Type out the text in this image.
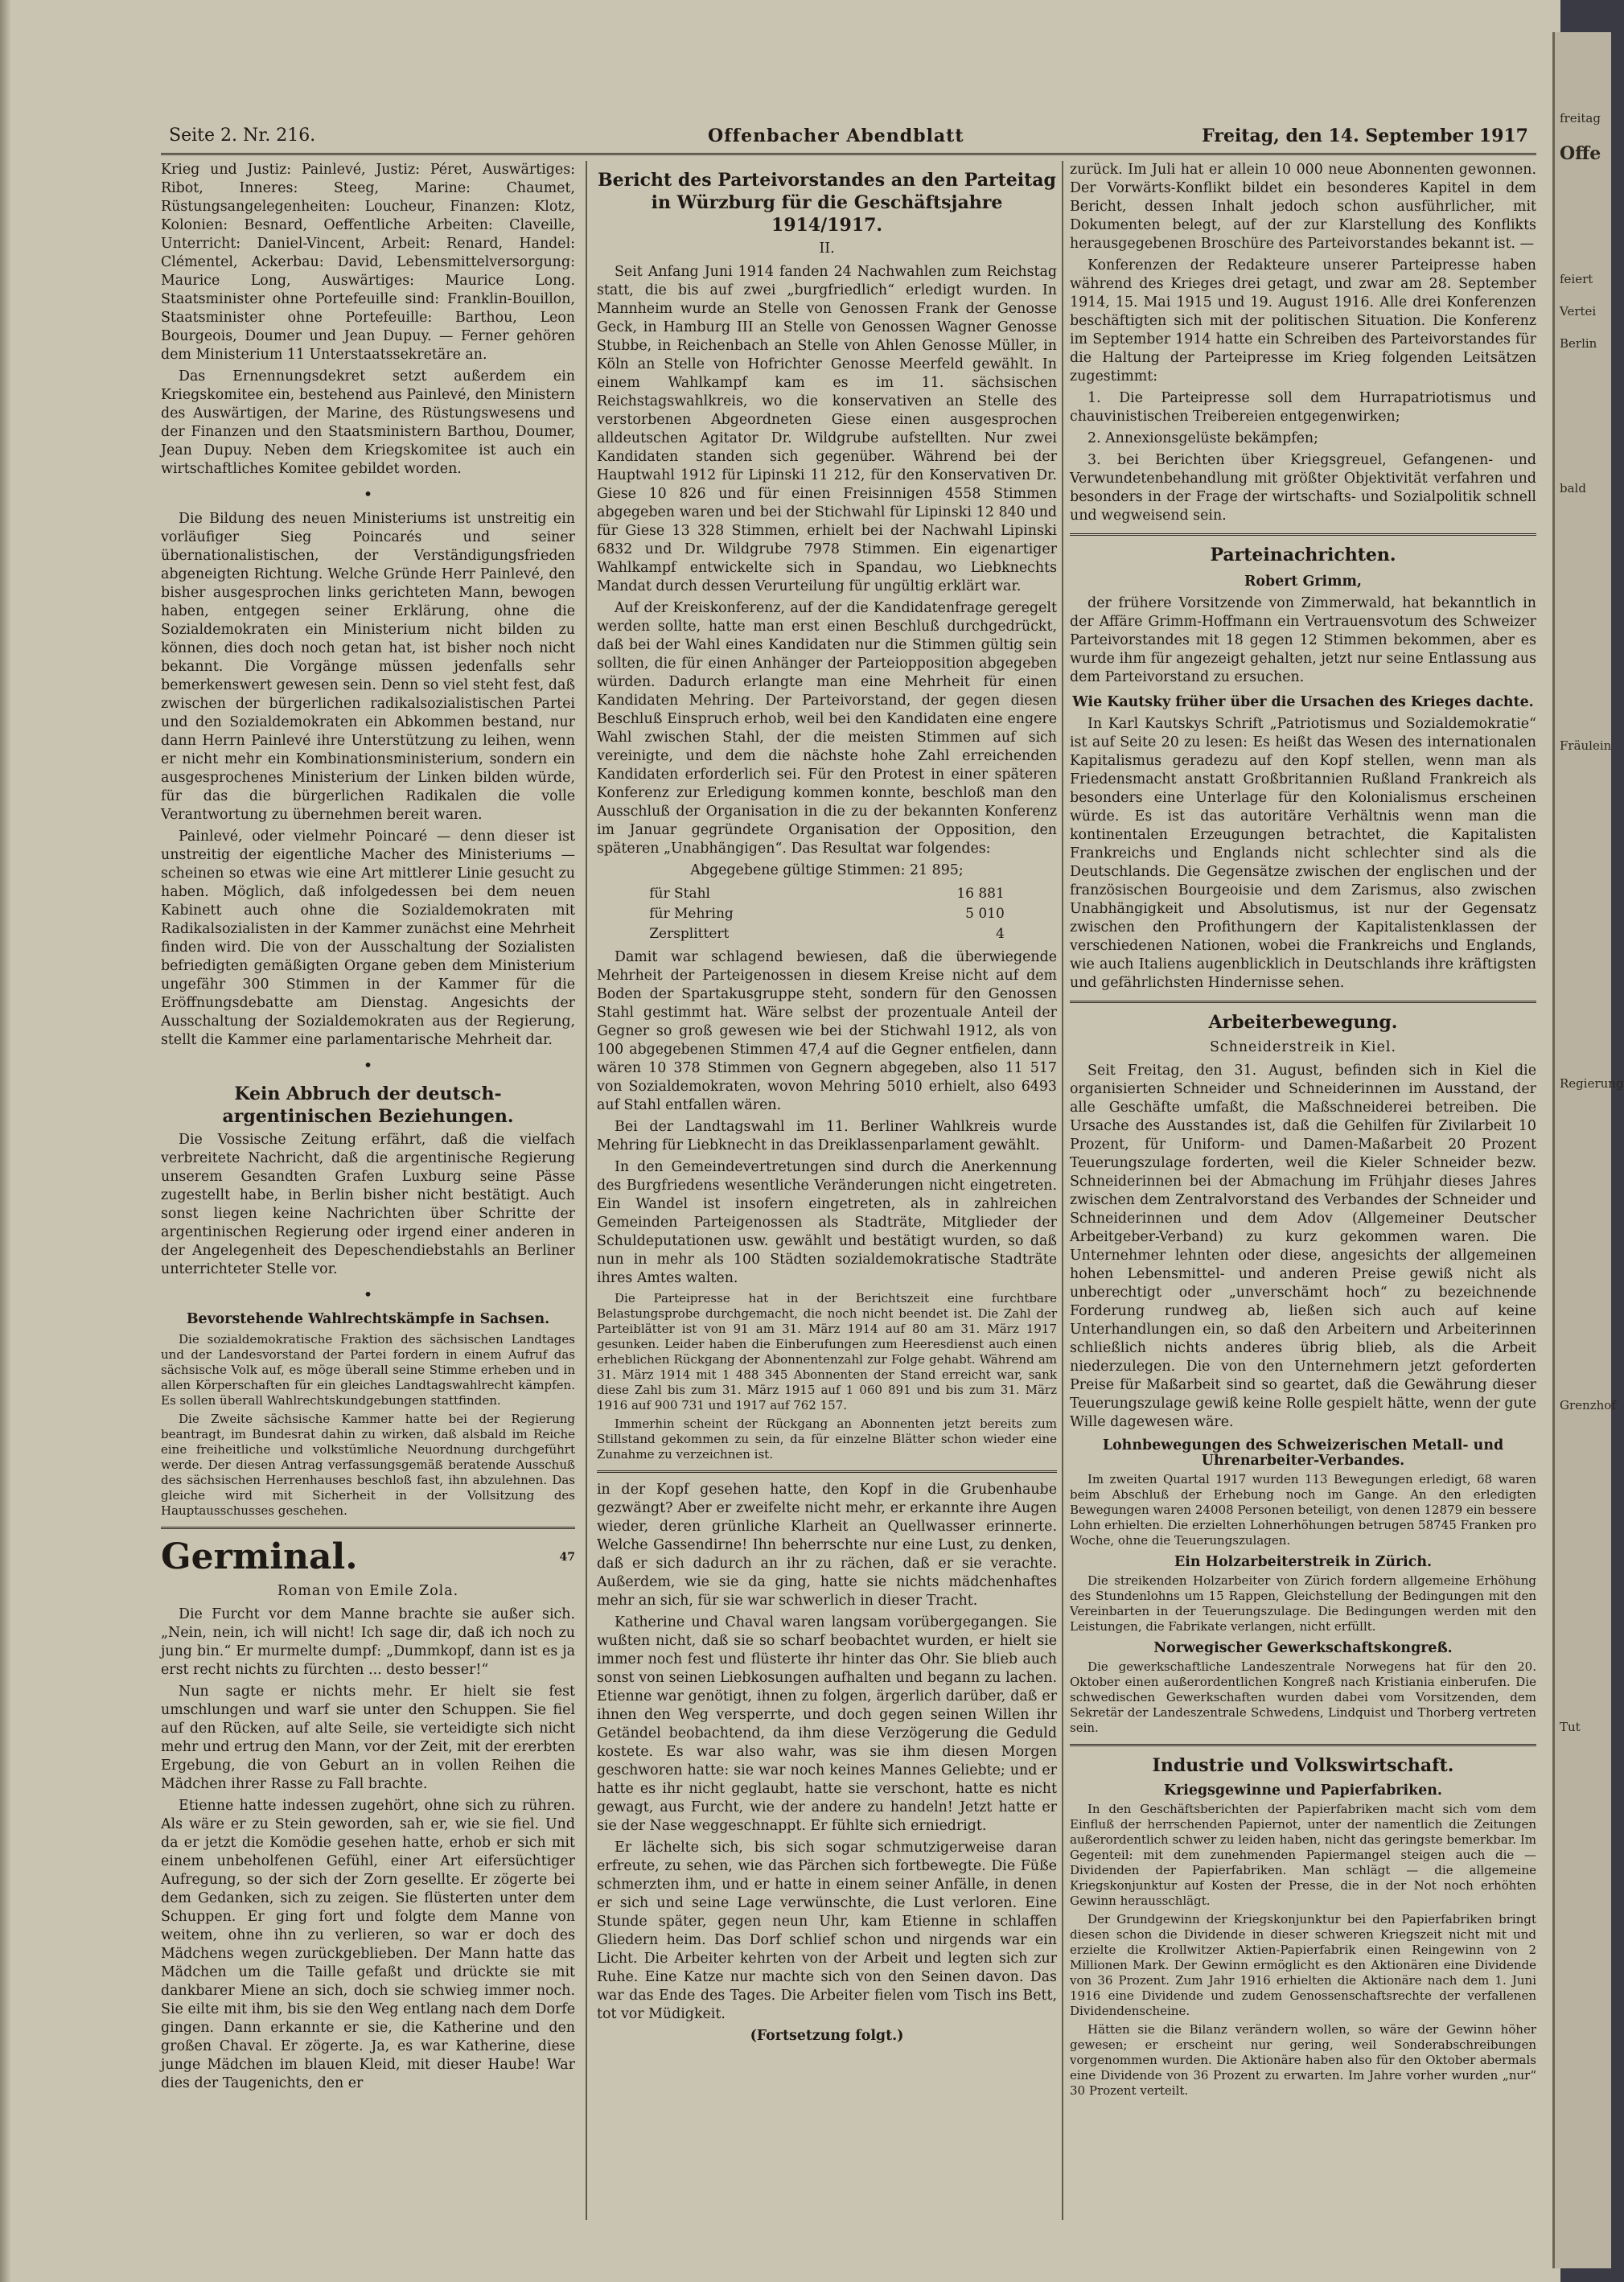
Seite 2. Nr. 216.	Offenbacher Abendblatt	Freitag, den 14. September 1917

Krieg und Justiz: Painlevé, Justiz: Péret, Auswärtiges: Ribot, Inneres: Steeg, Marine: Chaumet, Rüstungsangelegenheiten: Loucheur, Finanzen: Klotz, Kolonien: Besnard, Oeffentliche Arbeiten: Claveille, Unterricht: Daniel-Vincent, Arbeit: Renard, Handel: Clémentel, Ackerbau: David, Lebensmittelversorgung: Maurice Long, Auswärtiges: Maurice Long. Staatsminister ohne Portefeuille sind: Franklin-Bouillon, Staatsminister ohne Portefeuille: Barthou, Leon Bourgeois, Doumer und Jean Dupuy. — Ferner gehören dem Ministerium 11 Unterstaatssekretäre an.

Das Ernennungsdekret setzt außerdem ein Kriegskomitee ein, bestehend aus Painlevé, den Ministern des Auswärtigen, der Marine, des Rüstungswesens und der Finanzen und den Staatsministern Barthou, Doumer, Jean Dupuy. Neben dem Kriegskomitee ist auch ein wirtschaftliches Komitee gebildet worden.

•

Die Bildung des neuen Ministeriums ist unstreitig ein vorläufiger Sieg Poincarés und seiner übernationalistischen, der Verständigungsfrieden abgeneigten Richtung. Welche Gründe Herr Painlevé, den bisher ausgesprochen links gerichteten Mann, bewogen haben, entgegen seiner Erklärung, ohne die Sozialdemokraten ein Ministerium nicht bilden zu können, dies doch noch getan hat, ist bisher noch nicht bekannt. Die Vorgänge müssen jedenfalls sehr bemerkenswert gewesen sein. Denn so viel steht fest, daß zwischen der bürgerlichen radikalsozialistischen Partei und den Sozialdemokraten ein Abkommen bestand, nur dann Herrn Painlevé ihre Unterstützung zu leihen, wenn er nicht mehr ein Kombinationsministerium, sondern ein ausgesprochenes Ministerium der Linken bilden würde, für das die bürgerlichen Radikalen die volle Verantwortung zu übernehmen bereit waren.

Painlevé, oder vielmehr Poincaré — denn dieser ist unstreitig der eigentliche Macher des Ministeriums — scheinen so etwas wie eine Art mittlerer Linie gesucht zu haben. Möglich, daß infolgedessen bei dem neuen Kabinett auch ohne die Sozialdemokraten mit Radikalsozialisten in der Kammer zunächst eine Mehrheit finden wird. Die von der Ausschaltung der Sozialisten befriedigten gemäßigten Organe geben dem Ministerium ungefähr 300 Stimmen in der Kammer für die Eröffnungsdebatte am Dienstag. Angesichts der Ausschaltung der Sozialdemokraten aus der Regierung, stellt die Kammer eine parlamentarische Mehrheit dar.

•
Kein Abbruch der deutsch-argentinischen Beziehungen.

Die Vossische Zeitung erfährt, daß die vielfach verbreitete Nachricht, daß die argentinische Regierung unserem Gesandten Grafen Luxburg seine Pässe zugestellt habe, in Berlin bisher nicht bestätigt. Auch sonst liegen keine Nachrichten über Schritte der argentinischen Regierung oder irgend einer anderen in der Angelegenheit des Depeschendiebstahls an Berliner unterrichteter Stelle vor.

•
Bevorstehende Wahlrechtskämpfe in Sachsen.

Die sozialdemokratische Fraktion des sächsischen Landtages und der Landesvorstand der Partei fordern in einem Aufruf das sächsische Volk auf, es möge überall seine Stimme erheben und in allen Körperschaften für ein gleiches Landtagswahlrecht kämpfen. Es sollen überall Wahlrechtskundgebungen stattfinden.

Die Zweite sächsische Kammer hatte bei der Regierung beantragt, im Bundesrat dahin zu wirken, daß alsbald im Reiche eine freiheitliche und volkstümliche Neuordnung durchgeführt werde. Der diesen Antrag verfassungsgemäß beratende Ausschuß des sächsischen Herrenhauses beschloß fast, ihn abzulehnen. Das gleiche wird mit Sicherheit in der Vollsitzung des Hauptausschusses geschehen.

Germinal.	47
Roman von Emile Zola.

Die Furcht vor dem Manne brachte sie außer sich. „Nein, nein, ich will nicht! Ich sage dir, daß ich noch zu jung bin.“ Er murmelte dumpf: „Dummkopf, dann ist es ja erst recht nichts zu fürchten ... desto besser!“

Nun sagte er nichts mehr. Er hielt sie fest umschlungen und warf sie unter den Schuppen. Sie fiel auf den Rücken, auf alte Seile, sie verteidigte sich nicht mehr und ertrug den Mann, vor der Zeit, mit der ererbten Ergebung, die von Geburt an in vollen Reihen die Mädchen ihrer Rasse zu Fall brachte.

Etienne hatte indessen zugehört, ohne sich zu rühren. Als wäre er zu Stein geworden, sah er, wie sie fiel. Und da er jetzt die Komödie gesehen hatte, erhob er sich mit einem unbeholfenen Gefühl, einer Art eifersüchtiger Aufregung, so der sich der Zorn gesellte. Er zögerte bei dem Gedanken, sich zu zeigen. Sie flüsterten unter dem Schuppen. Er ging fort und folgte dem Manne von weitem, ohne ihn zu verlieren, so war er doch des Mädchens wegen zurückgeblieben. Der Mann hatte das Mädchen um die Taille gefaßt und drückte sie mit dankbarer Miene an sich, doch sie schwieg immer noch. Sie eilte mit ihm, bis sie den Weg entlang nach dem Dorfe gingen. Dann erkannte er sie, die Katherine und den großen Chaval. Er zögerte. Ja, es war Katherine, diese junge Mädchen im blauen Kleid, mit dieser Haube! War dies der Taugenichts, den er

Bericht des Parteivorstandes an den Parteitag in Würzburg für die Geschäftsjahre 1914/1917.
II.

Seit Anfang Juni 1914 fanden 24 Nachwahlen zum Reichstag statt, die bis auf zwei „burgfriedlich“ erledigt wurden. In Mannheim wurde an Stelle von Genossen Frank der Genosse Geck, in Hamburg III an Stelle von Genossen Wagner Genosse Stubbe, in Reichenbach an Stelle von Ahlen Genosse Müller, in Köln an Stelle von Hofrichter Genosse Meerfeld gewählt. In einem Wahlkampf kam es im 11. sächsischen Reichstagswahlkreis, wo die konservativen an Stelle des verstorbenen Abgeordneten Giese einen ausgesprochen alldeutschen Agitator Dr. Wildgrube aufstellten. Nur zwei Kandidaten standen sich gegenüber. Während bei der Hauptwahl 1912 für Lipinski 11 212, für den Konservativen Dr. Giese 10 826 und für einen Freisinnigen 4558 Stimmen abgegeben waren und bei der Stichwahl für Lipinski 12 840 und für Giese 13 328 Stimmen, erhielt bei der Nachwahl Lipinski 6832 und Dr. Wildgrube 7978 Stimmen. Ein eigenartiger Wahlkampf entwickelte sich in Spandau, wo Liebknechts Mandat durch dessen Verurteilung für ungültig erklärt war.

Auf der Kreiskonferenz, auf der die Kandidatenfrage geregelt werden sollte, hatte man erst einen Beschluß durchgedrückt, daß bei der Wahl eines Kandidaten nur die Stimmen gültig sein sollten, die für einen Anhänger der Parteiopposition abgegeben würden. Dadurch erlangte man eine Mehrheit für einen Kandidaten Mehring. Der Parteivorstand, der gegen diesen Beschluß Einspruch erhob, weil bei den Kandidaten eine engere Wahl zwischen Stahl, der die meisten Stimmen auf sich vereinigte, und dem die nächste hohe Zahl erreichenden Kandidaten erforderlich sei. Für den Protest in einer späteren Konferenz zur Erledigung kommen konnte, beschloß man den Ausschluß der Organisation in die zu der bekannten Konferenz im Januar gegründete Organisation der Opposition, den späteren „Unabhängigen“. Das Resultat war folgendes:

Abgegebene gültige Stimmen: 21 895;
für Stahl	16 881
für Mehring	5 010
Zersplittert	4

Damit war schlagend bewiesen, daß die überwiegende Mehrheit der Parteigenossen in diesem Kreise nicht auf dem Boden der Spartakusgruppe steht, sondern für den Genossen Stahl gestimmt hat. Wäre selbst der prozentuale Anteil der Gegner so groß gewesen wie bei der Stichwahl 1912, als von 100 abgegebenen Stimmen 47,4 auf die Gegner entfielen, dann wären 10 378 Stimmen von Gegnern abgegeben, also 11 517 von Sozialdemokraten, wovon Mehring 5010 erhielt, also 6493 auf Stahl entfallen wären.

Bei der Landtagswahl im 11. Berliner Wahlkreis wurde Mehring für Liebknecht in das Dreiklassenparlament gewählt.

In den Gemeindevertretungen sind durch die Anerkennung des Burgfriedens wesentliche Veränderungen nicht eingetreten. Ein Wandel ist insofern eingetreten, als in zahlreichen Gemeinden Parteigenossen als Stadträte, Mitglieder der Schuldeputationen usw. gewählt und bestätigt wurden, so daß nun in mehr als 100 Städten sozialdemokratische Stadträte ihres Amtes walten.

Die Parteipresse hat in der Berichtszeit eine furchtbare Belastungsprobe durchgemacht, die noch nicht beendet ist. Die Zahl der Parteiblätter ist von 91 am 31. März 1914 auf 80 am 31. März 1917 gesunken. Leider haben die Einberufungen zum Heeresdienst auch einen erheblichen Rückgang der Abonnentenzahl zur Folge gehabt. Während am 31. März 1914 mit 1 488 345 Abonnenten der Stand erreicht war, sank diese Zahl bis zum 31. März 1915 auf 1 060 891 und bis zum 31. März 1916 auf 900 731 und 1917 auf 762 157.

Immerhin scheint der Rückgang an Abonnenten jetzt bereits zum Stillstand gekommen zu sein, da für einzelne Blätter schon wieder eine Zunahme zu verzeichnen ist.

in der Kopf gesehen hatte, den Kopf in die Grubenhaube gezwängt? Aber er zweifelte nicht mehr, er erkannte ihre Augen wieder, deren grünliche Klarheit an Quellwasser erinnerte. Welche Gassendirne! Ihn beherrschte nur eine Lust, zu denken, daß er sich dadurch an ihr zu rächen, daß er sie verachte. Außerdem, wie sie da ging, hatte sie nichts mädchenhaftes mehr an sich, für sie war schwerlich in dieser Tracht.

Katherine und Chaval waren langsam vorübergegangen. Sie wußten nicht, daß sie so scharf beobachtet wurden, er hielt sie immer noch fest und flüsterte ihr hinter das Ohr. Sie blieb auch sonst von seinen Liebkosungen aufhalten und begann zu lachen. Etienne war genötigt, ihnen zu folgen, ärgerlich darüber, daß er ihnen den Weg versperrte, und doch gegen seinen Willen ihr Getändel beobachtend, da ihm diese Verzögerung die Geduld kostete. Es war also wahr, was sie ihm diesen Morgen geschworen hatte: sie war noch keines Mannes Geliebte; und er hatte es ihr nicht geglaubt, hatte sie verschont, hatte es nicht gewagt, aus Furcht, wie der andere zu handeln! Jetzt hatte er sie der Nase weggeschnappt. Er fühlte sich erniedrigt.

Er lächelte sich, bis sich sogar schmutzigerweise daran erfreute, zu sehen, wie das Pärchen sich fortbewegte. Die Füße schmerzten ihm, und er hatte in einem seiner Anfälle, in denen er sich und seine Lage verwünschte, die Lust verloren. Eine Stunde später, gegen neun Uhr, kam Etienne in schlaffen Gliedern heim. Das Dorf schlief schon und nirgends war ein Licht. Die Arbeiter kehrten von der Arbeit und legten sich zur Ruhe. Eine Katze nur machte sich von den Seinen davon. Das war das Ende des Tages. Die Arbeiter fielen vom Tisch ins Bett, tot vor Müdigkeit.

(Fortsetzung folgt.)

zurück. Im Juli hat er allein 10 000 neue Abonnenten gewonnen. Der Vorwärts-Konflikt bildet ein besonderes Kapitel in dem Bericht, dessen Inhalt jedoch schon ausführlicher, mit Dokumenten belegt, auf der zur Klarstellung des Konflikts herausgegebenen Broschüre des Parteivorstandes bekannt ist. —

Konferenzen der Redakteure unserer Parteipresse haben während des Krieges drei getagt, und zwar am 28. September 1914, 15. Mai 1915 und 19. August 1916. Alle drei Konferenzen beschäftigten sich mit der politischen Situation. Die Konferenz im September 1914 hatte ein Schreiben des Parteivorstandes für die Haltung der Parteipresse im Krieg folgenden Leitsätzen zugestimmt:

1. Die Parteipresse soll dem Hurrapatriotismus und chauvinistischen Treibereien entgegenwirken;

2. Annexionsgelüste bekämpfen;

3. bei Berichten über Kriegsgreuel, Gefangenen- und Verwundetenbehandlung mit größter Objektivität verfahren und besonders in der Frage der wirtschafts- und Sozialpolitik schnell und wegweisend sein.

Parteinachrichten.
Robert Grimm,

der frühere Vorsitzende von Zimmerwald, hat bekanntlich in der Affäre Grimm-Hoffmann ein Vertrauensvotum des Schweizer Parteivorstandes mit 18 gegen 12 Stimmen bekommen, aber es wurde ihm für angezeigt gehalten, jetzt nur seine Entlassung aus dem Parteivorstand zu ersuchen.

Wie Kautsky früher über die Ursachen des Krieges dachte.

In Karl Kautskys Schrift „Patriotismus und Sozialdemokratie“ ist auf Seite 20 zu lesen: Es heißt das Wesen des internationalen Kapitalismus geradezu auf den Kopf stellen, wenn man als Friedensmacht anstatt Großbritannien Rußland Frankreich als besonders eine Unterlage für den Kolonialismus erscheinen würde. Es ist das autoritäre Verhältnis wenn man die kontinentalen Erzeugungen betrachtet, die Kapitalisten Frankreichs und Englands nicht schlechter sind als die Deutschlands. Die Gegensätze zwischen der englischen und der französischen Bourgeoisie und dem Zarismus, also zwischen Unabhängigkeit und Absolutismus, ist nur der Gegensatz zwischen den Profithungern der Kapitalistenklassen der verschiedenen Nationen, wobei die Frankreichs und Englands, wie auch Italiens augenblicklich in Deutschlands ihre kräftigsten und gefährlichsten Hindernisse sehen.

Arbeiterbewegung.
Schneiderstreik in Kiel.

Seit Freitag, den 31. August, befinden sich in Kiel die organisierten Schneider und Schneiderinnen im Ausstand, der alle Geschäfte umfaßt, die Maßschneiderei betreiben. Die Ursache des Ausstandes ist, daß die Gehilfen für Zivilarbeit 10 Prozent, für Uniform- und Damen-Maßarbeit 20 Prozent Teuerungszulage forderten, weil die Kieler Schneider bezw. Schneiderinnen bei der Abmachung im Frühjahr dieses Jahres zwischen dem Zentralvorstand des Verbandes der Schneider und Schneiderinnen und dem Adov (Allgemeiner Deutscher Arbeitgeber-Verband) zu kurz gekommen waren. Die Unternehmer lehnten oder diese, angesichts der allgemeinen hohen Lebensmittel- und anderen Preise gewiß nicht als unberechtigt oder „unverschämt hoch“ zu bezeichnende Forderung rundweg ab, ließen sich auch auf keine Unterhandlungen ein, so daß den Arbeitern und Arbeiterinnen schließlich nichts anderes übrig blieb, als die Arbeit niederzulegen. Die von den Unternehmern jetzt geforderten Preise für Maßarbeit sind so geartet, daß die Gewährung dieser Teuerungszulage gewiß keine Rolle gespielt hätte, wenn der gute Wille dagewesen wäre.

Lohnbewegungen des Schweizerischen Metall- und Uhrenarbeiter-Verbandes.

Im zweiten Quartal 1917 wurden 113 Bewegungen erledigt, 68 waren beim Abschluß der Erhebung noch im Gange. An den erledigten Bewegungen waren 24008 Personen beteiligt, von denen 12879 ein bessere Lohn erhielten. Die erzielten Lohnerhöhungen betrugen 58745 Franken pro Woche, ohne die Teuerungszulagen.

Ein Holzarbeiterstreik in Zürich.

Die streikenden Holzarbeiter von Zürich fordern allgemeine Erhöhung des Stundenlohns um 15 Rappen, Gleichstellung der Bedingungen mit den Vereinbarten in der Teuerungszulage. Die Bedingungen werden mit den Leistungen, die Fabrikate verlangen, nicht erfüllt.

Norwegischer Gewerkschaftskongreß.

Die gewerkschaftliche Landeszentrale Norwegens hat für den 20. Oktober einen außerordentlichen Kongreß nach Kristiania einberufen. Die schwedischen Gewerkschaften wurden dabei vom Vorsitzenden, dem Sekretär der Landeszentrale Schwedens, Lindquist und Thorberg vertreten sein.

Industrie und Volkswirtschaft.
Kriegsgewinne und Papierfabriken.

In den Geschäftsberichten der Papierfabriken macht sich vom dem Einfluß der herrschenden Papiernot, unter der namentlich die Zeitungen außerordentlich schwer zu leiden haben, nicht das geringste bemerkbar. Im Gegenteil: mit dem zunehmenden Papiermangel steigen auch die — Dividenden der Papierfabriken. Man schlägt — die allgemeine Kriegskonjunktur auf Kosten der Presse, die in der Not noch erhöhten Gewinn herausschlägt.

Der Grundgewinn der Kriegskonjunktur bei den Papierfabriken bringt diesen schon die Dividende in dieser schweren Kriegszeit nicht mit und erzielte die Krollwitzer Aktien-Papierfabrik einen Reingewinn von 2 Millionen Mark. Der Gewinn ermöglicht es den Aktionären eine Dividende von 36 Prozent. Zum Jahr 1916 erhielten die Aktionäre nach dem 1. Juni 1916 eine Dividende und zudem Genossenschaftsrechte der verfallenen Dividendenscheine.

Hätten sie die Bilanz verändern wollen, so wäre der Gewinn höher gewesen; er erscheint nur gering, weil Sonderabschreibungen vorgenommen wurden. Die Aktionäre haben also für den Oktober abermals eine Dividende von 36 Prozent zu erwarten. Im Jahre vorher wurden „nur“ 30 Prozent verteilt.

freitag
Offe
feiert
Vertei
Berlin
bald
Fräulein
Regierung
Grenzhof
Tut
